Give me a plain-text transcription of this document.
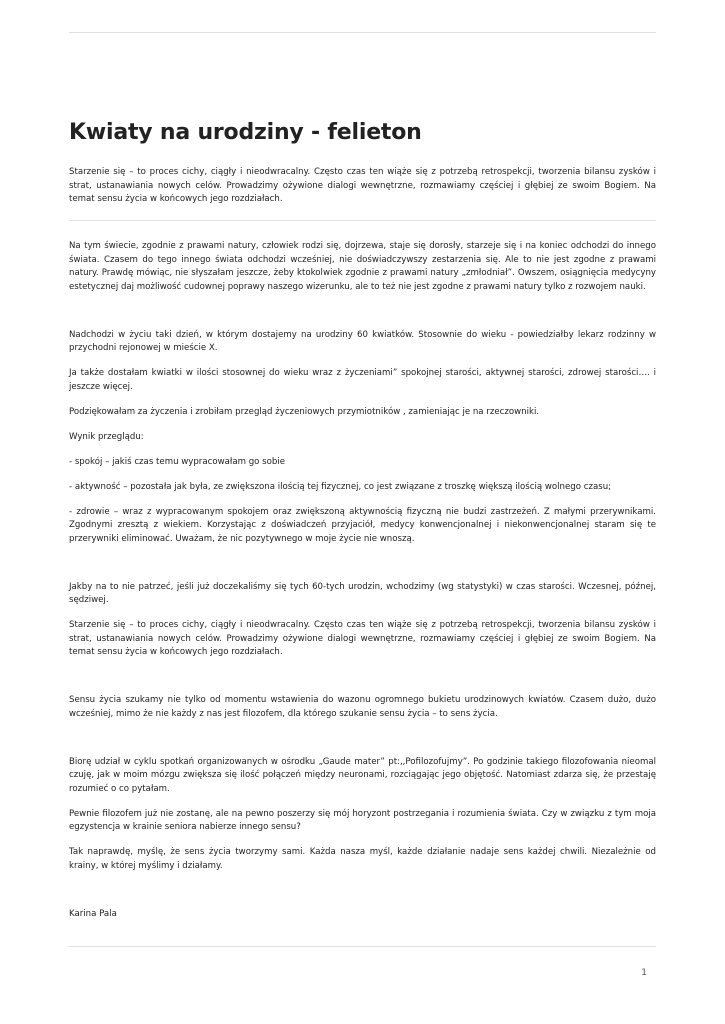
Kwiaty na urodziny - felieton

Starzenie się – to proces cichy, ciągły i nieodwracalny. Często czas ten wiąże się z potrzebą retrospekcji, tworzenia bilansu zysków i strat, ustanawiania nowych celów. Prowadzimy ożywione dialogi wewnętrzne, rozmawiamy częściej i głębiej ze swoim Bogiem. Na temat sensu życia w końcowych jego rozdziałach.

Na tym świecie, zgodnie z prawami natury, człowiek rodzi się, dojrzewa, staje się dorosły, starzeje się i na koniec odchodzi do innego świata. Czasem do tego innego świata odchodzi wcześniej, nie doświadczywszy zestarzenia się. Ale to nie jest zgodne z prawami natury. Prawdę mówiąc, nie słyszałam jeszcze, żeby ktokolwiek zgodnie z prawami natury „zmłodniał”. Owszem, osiągnięcia medycyny estetycznej daj możliwość cudownej poprawy naszego wizerunku, ale to też nie jest zgodne z prawami natury tylko z rozwojem nauki.

Nadchodzi w życiu taki dzień, w którym dostajemy na urodziny 60 kwiatków. Stosownie do wieku - powiedziałby lekarz rodzinny w przychodni rejonowej w mieście X.

Ja także dostałam kwiatki w ilości stosownej do wieku wraz z życzeniami” spokojnej starości, aktywnej starości, zdrowej starości…. i jeszcze więcej.

Podziękowałam za życzenia i zrobiłam przegląd życzeniowych przymiotników , zamieniając je na rzeczowniki.

Wynik przeglądu:

- spokój – jakiś czas temu wypracowałam go sobie

- aktywność – pozostała jak była, ze zwiększona ilością tej fizycznej, co jest związane z troszkę większą ilością wolnego czasu;

- zdrowie – wraz z wypracowanym spokojem oraz zwiększoną aktywnością fizyczną nie budzi zastrzeżeń. Z małymi przerywnikami. Zgodnymi zresztą z wiekiem. Korzystając z doświadczeń przyjaciół, medycy konwencjonalnej i niekonwencjonalnej staram się te przerywniki eliminować. Uważam, że nic pozytywnego w moje życie nie wnoszą.

Jakby na to nie patrzeć, jeśli już doczekaliśmy się tych 60-tych urodzin, wchodzimy (wg statystyki) w czas starości. Wczesnej, późnej, sędziwej.

Starzenie się – to proces cichy, ciągły i nieodwracalny. Często czas ten wiąże się z potrzebą retrospekcji, tworzenia bilansu zysków i strat, ustanawiania nowych celów. Prowadzimy ożywione dialogi wewnętrzne, rozmawiamy częściej i głębiej ze swoim Bogiem. Na temat sensu życia w końcowych jego rozdziałach.

Sensu życia szukamy nie tylko od momentu wstawienia do wazonu ogromnego bukietu urodzinowych kwiatów. Czasem dużo, dużo wcześniej, mimo że nie każdy z nas jest filozofem, dla którego szukanie sensu życia – to sens życia.

Biorę udział w cyklu spotkań organizowanych w ośrodku „Gaude mater” pt:,,Pofilozofujmy”. Po godzinie takiego filozofowania nieomal czuję, jak w moim mózgu zwiększa się ilość połączeń między neuronami, rozciągając jego objętość. Natomiast zdarza się, że przestaję rozumieć o co pytałam.

Pewnie filozofem już nie zostanę, ale na pewno poszerzy się mój horyzont postrzegania i rozumienia świata. Czy w związku z tym moja egzystencja w krainie seniora nabierze innego sensu?

Tak naprawdę, myślę, że sens życia tworzymy sami. Każda nasza myśl, każde działanie nadaje sens każdej chwili. Niezależnie od krainy, w której myślimy i działamy.

Karina Pala

1
